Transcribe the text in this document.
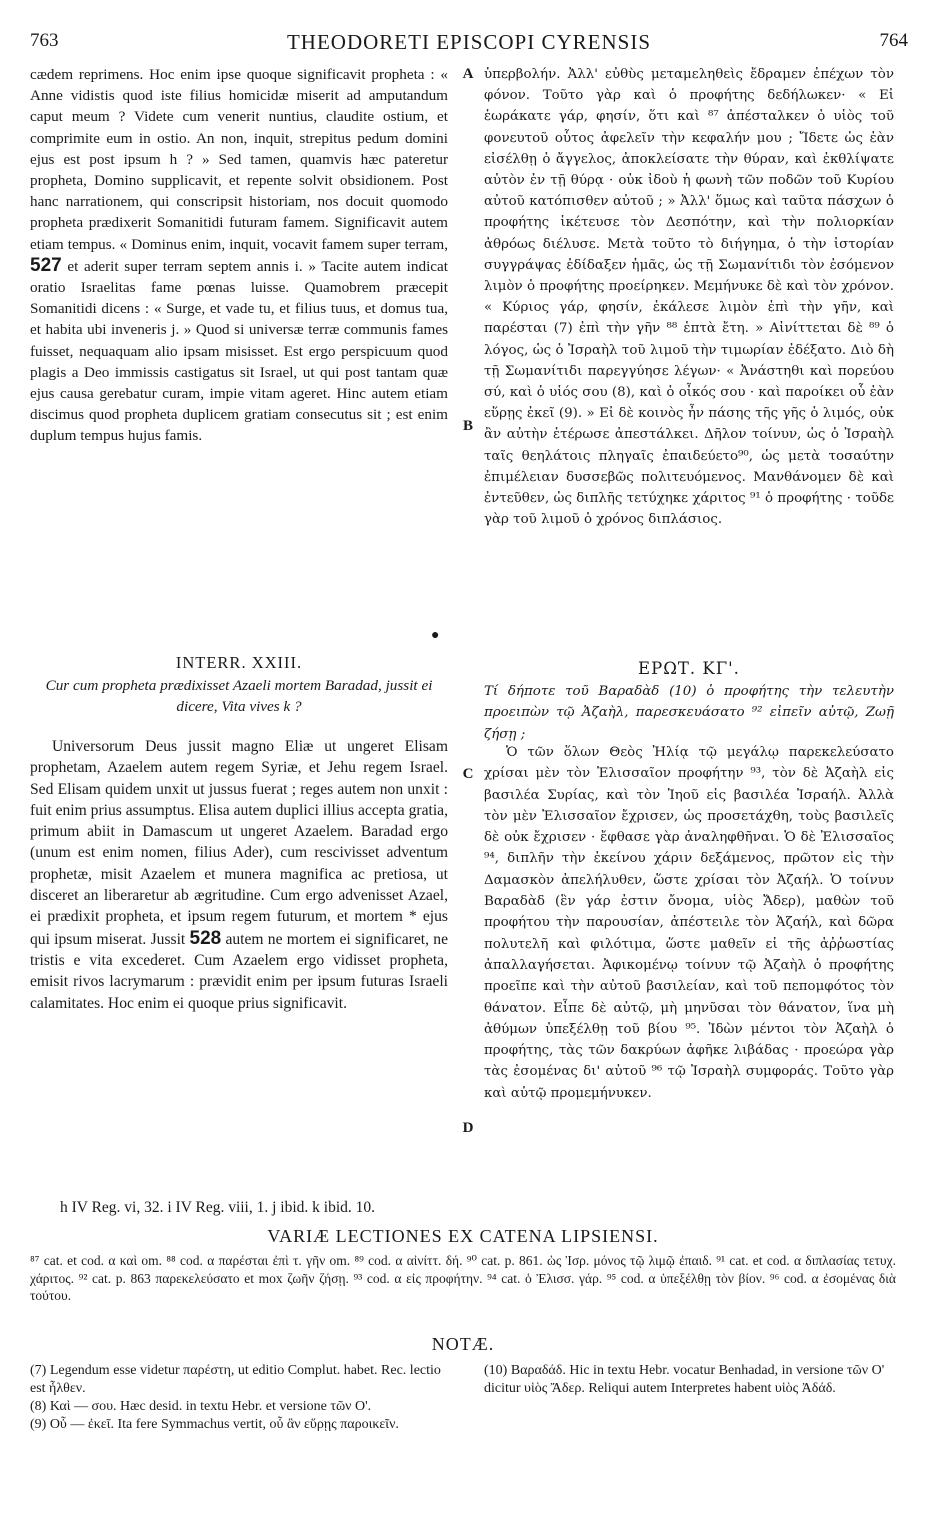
763	THEODORETI EPISCOPI CYRENSIS	764

cædem reprimens. Hoc enim ipse quoque significavit propheta : « Anne vidistis quod iste filius homicidæ miserit ad amputandum caput meum ? Videte cum venerit nuntius, claudite ostium, et comprimite eum in ostio. An non, inquit, strepitus pedum domini ejus est post ipsum h ? » Sed tamen, quamvis hæc pateretur propheta, Domino supplicavit, et repente solvit obsidionem. Post hanc narrationem, qui conscripsit historiam, nos docuit quomodo propheta prædixerit Somanitidi futuram famem. Significavit autem etiam tempus. « Dominus enim, inquit, vocavit famem super terram, 527 et aderit super terram septem annis i. » Tacite autem indicat oratio Israelitas fame pœnas luisse. Quamobrem præcepit Somanitidi dicens : « Surge, et vade tu, et filius tuus, et domus tua, et habita ubi inveneris j. » Quod si universæ terræ communis fames fuisset, nequaquam alio ipsam misisset. Est ergo perspicuum quod plagis a Deo immissis castigatus sit Israel, ut qui post tantam quæ ejus causa gerebatur curam, impie vitam ageret. Hinc autem etiam discimus quod propheta duplicem gratiam consecutus sit ; est enim duplum tempus hujus famis.

●

INTERR. XXIII.

Cur cum propheta prædixisset Azaeli mortem Baradad, jussit ei dicere, Vita vives k ?

Universorum Deus jussit magno Eliæ ut ungeret Elisam prophetam, Azaelem autem regem Syriæ, et Jehu regem Israel. Sed Elisam quidem unxit ut jussus fuerat ; reges autem non unxit : fuit enim prius assumptus. Elisa autem duplici illius accepta gratia, primum abiit in Damascum ut ungeret Azaelem. Baradad ergo (unum est enim nomen, filius Ader), cum rescivisset adventum prophetæ, misit Azaelem et munera magnifica ac pretiosa, ut disceret an liberaretur ab ægritudine. Cum ergo advenisset Azael, ei prædixit propheta, et ipsum regem futurum, et mortem * ejus qui ipsum miserat. Jussit 528 autem ne mortem ei significaret, ne tristis e vita excederet. Cum Azaelem ergo vidisset propheta, emisit rivos lacrymarum : prævidit enim per ipsum futuras Israeli calamitates. Hoc enim ei quoque prius significavit.

A
B
C
D

ὑπερβολήν. Ἀλλ' εὐθὺς μεταμεληθεὶς ἔδραμεν ἐπέχων τὸν φόνον. Τοῦτο γὰρ καὶ ὁ προφήτης δεδήλωκεν· « Εἰ ἑωράκατε γάρ, φησίν, ὅτι καὶ ⁸⁷ ἀπέσταλκεν ὁ υἱὸς τοῦ φονευτοῦ οὗτος ἀφελεῖν τὴν κεφαλήν μου ; Ἴδετε ὡς ἐὰν εἰσέλθῃ ὁ ἄγγελος, ἀποκλείσατε τὴν θύραν, καὶ ἐκθλίψατε αὐτὸν ἐν τῇ θύρᾳ · οὐκ ἰδοὺ ἡ φωνὴ τῶν ποδῶν τοῦ Κυρίου αὐτοῦ κατόπισθεν αὐτοῦ ; » Ἀλλ' ὅμως καὶ ταῦτα πάσχων ὁ προφήτης ἱκέτευσε τὸν Δεσπότην, καὶ τὴν πολιορκίαν ἀθρόως διέλυσε. Μετὰ τοῦτο τὸ διήγημα, ὁ τὴν ἱστορίαν συγγράψας ἐδίδαξεν ἡμᾶς, ὡς τῇ Σωμανίτιδι τὸν ἐσόμενον λιμὸν ὁ προφήτης προείρηκεν. Μεμήνυκε δὲ καὶ τὸν χρόνον. « Κύριος γάρ, φησίν, ἐκάλεσε λιμὸν ἐπὶ τὴν γῆν, καὶ παρέσται (7) ἐπὶ τὴν γῆν ⁸⁸ ἑπτὰ ἔτη. » Αἰνίττεται δὲ ⁸⁹ ὁ λόγος, ὡς ὁ Ἰσραὴλ τοῦ λιμοῦ τὴν τιμωρίαν ἐδέξατο. Διὸ δὴ τῇ Σωμανίτιδι παρεγγύησε λέγων· « Ἀνάστηθι καὶ πορεύου σύ, καὶ ὁ υἱός σου (8), καὶ ὁ οἶκός σου · καὶ παροίκει οὗ ἐὰν εὕρῃς ἐκεῖ (9). » Εἰ δὲ κοινὸς ἦν πάσης τῆς γῆς ὁ λιμός, οὐκ ἂν αὐτὴν ἑτέρωσε ἀπεστάλκει. Δῆλον τοίνυν, ὡς ὁ Ἰσραὴλ ταῖς θεηλάτοις πληγαῖς ἐπαιδεύετο⁹⁰, ὡς μετὰ τοσαύτην ἐπιμέλειαν δυσσεβῶς πολιτευόμενος. Μανθάνομεν δὲ καὶ ἐντεῦθεν, ὡς διπλῆς τετύχηκε χάριτος ⁹¹ ὁ προφήτης · τοῦδε γὰρ τοῦ λιμοῦ ὁ χρόνος διπλάσιος.

ΕΡΩΤ. ΚΓ'.

Τί δήποτε τοῦ Βαραδὰδ (10) ὁ προφήτης τὴν τελευτὴν προειπὼν τῷ Ἀζαὴλ, παρεσκευάσατο ⁹² εἰπεῖν αὐτῷ, Ζωῇ ζήσῃ ;

Ὁ τῶν ὅλων Θεὸς Ἠλίᾳ τῷ μεγάλῳ παρεκελεύσατο χρίσαι μὲν τὸν Ἐλισσαῖον προφήτην ⁹³, τὸν δὲ Ἀζαὴλ εἰς βασιλέα Συρίας, καὶ τὸν Ἰηοῦ εἰς βασιλέα Ἰσραήλ. Ἀλλὰ τὸν μὲν Ἐλισσαῖον ἔχρισεν, ὡς προσετάχθη, τοὺς βασιλεῖς δὲ οὐκ ἔχρισεν · ἔφθασε γὰρ ἀναληφθῆναι. Ὁ δὲ Ἐλισσαῖος ⁹⁴, διπλῆν τὴν ἐκείνου χάριν δεξάμενος, πρῶτον εἰς τὴν Δαμασκὸν ἀπελήλυθεν, ὥστε χρίσαι τὸν Ἀζαήλ. Ὁ τοίνυν Βαραδὰδ (ἓν γάρ ἐστιν ὄνομα, υἱὸς Ἄδερ), μαθὼν τοῦ προφήτου τὴν παρουσίαν, ἀπέστειλε τὸν Ἀζαήλ, καὶ δῶρα πολυτελῆ καὶ φιλότιμα, ὥστε μαθεῖν εἰ τῆς ἀῤῥωστίας ἀπαλλαγήσεται. Ἀφικομένῳ τοίνυν τῷ Ἀζαὴλ ὁ προφήτης προεῖπε καὶ τὴν αὐτοῦ βασιλείαν, καὶ τοῦ πεπομφότος τὸν θάνατον. Εἶπε δὲ αὐτῷ, μὴ μηνῦσαι τὸν θάνατον, ἵνα μὴ ἀθύμων ὑπεξέλθῃ τοῦ βίου ⁹⁵. Ἰδὼν μέντοι τὸν Ἀζαὴλ ὁ προφήτης, τὰς τῶν δακρύων ἀφῆκε λιβάδας · προεώρα γὰρ τὰς ἐσομένας δι' αὐτοῦ ⁹⁶ τῷ Ἰσραὴλ συμφοράς. Τοῦτο γὰρ καὶ αὐτῷ προμεμήνυκεν.

h IV Reg. vi, 32. i IV Reg. viii, 1. j ibid. k ibid. 10.
VARIÆ LECTIONES EX CATENA LIPSIENSI.
⁸⁷ cat. et cod. α καὶ om. ⁸⁸ cod. α παρέσται ἐπὶ τ. γῆν om. ⁸⁹ cod. α αἰνίττ. δή. ⁹⁰ cat. p. 861. ὡς Ἰσρ. μόνος τῷ λιμῷ ἐπαιδ. ⁹¹ cat. et cod. α διπλασίας τετυχ. χάριτος. ⁹² cat. p. 863 παρεκελεύσατο et mox ζωῆν ζήσῃ. ⁹³ cod. α εἰς προφήτην. ⁹⁴ cat. ὁ Ἐλισσ. γάρ. ⁹⁵ cod. α ὑπεξέλθῃ τὸν βίον. ⁹⁶ cod. α ἐσομένας διὰ τούτου.
NOTÆ.

(7) Legendum esse videtur παρέστη, ut editio Complut. habet. Rec. lectio est ἦλθεν.

(8) Καὶ — σου. Hæc desid. in textu Hebr. et versione τῶν Ο'.

(9) Οὗ — ἐκεῖ. Ita fere Symmachus vertit, οὗ ἂν εὕρῃς παροικεῖν.

(10) Βαραδάδ. Hic in textu Hebr. vocatur Benhadad, in versione τῶν Ο' dicitur υἱὸς Ἄδερ. Reliqui autem Interpretes habent υἱὸς Ἀδάδ.
